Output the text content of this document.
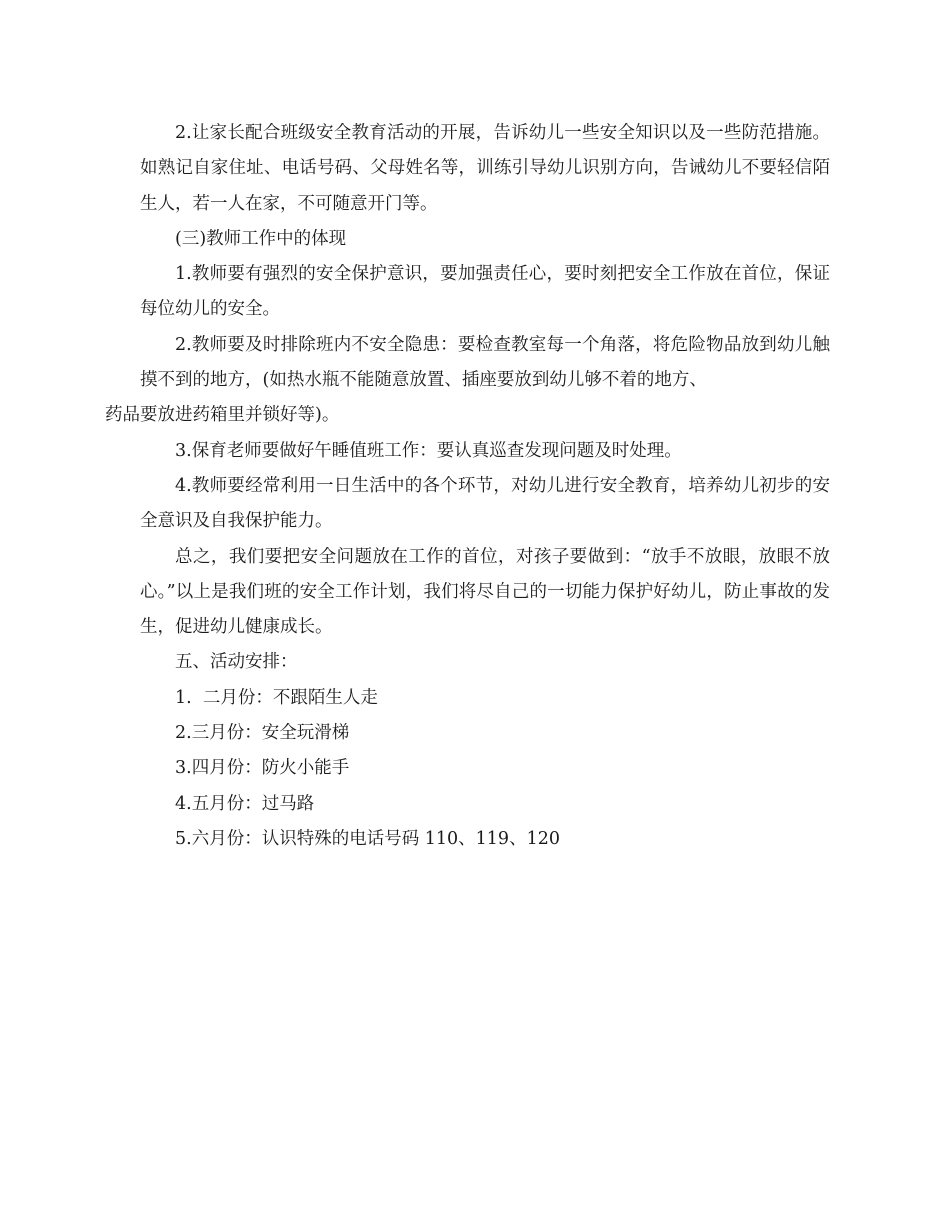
2.让家长配合班级安全教育活动的开展，告诉幼儿一些安全知识以及一些防范措施。如熟记自家住址、电话号码、父母姓名等，训练引导幼儿识别方向，告诫幼儿不要轻信陌生人，若一人在家，不可随意开门等。

(三)教师工作中的体现

1.教师要有强烈的安全保护意识，要加强责任心，要时刻把安全工作放在首位，保证每位幼儿的安全。

2.教师要及时排除班内不安全隐患：要检查教室每一个角落，将危险物品放到幼儿触摸不到的地方，(如热水瓶不能随意放置、插座要放到幼儿够不着的地方、
药品要放进药箱里并锁好等)。

3.保育老师要做好午睡值班工作：要认真巡查发现问题及时处理。

4.教师要经常利用一日生活中的各个环节，对幼儿进行安全教育，培养幼儿初步的安全意识及自我保护能力。

总之，我们要把安全问题放在工作的首位，对孩子要做到：“放手不放眼，放眼不放心。”以上是我们班的安全工作计划，我们将尽自己的一切能力保护好幼儿，防止事故的发生，促进幼儿健康成长。

五、活动安排：

1.  二月份：不跟陌生人走

2.三月份：安全玩滑梯

3.四月份：防火小能手

4.五月份：过马路

5.六月份：认识特殊的电话号码 110、119、120
